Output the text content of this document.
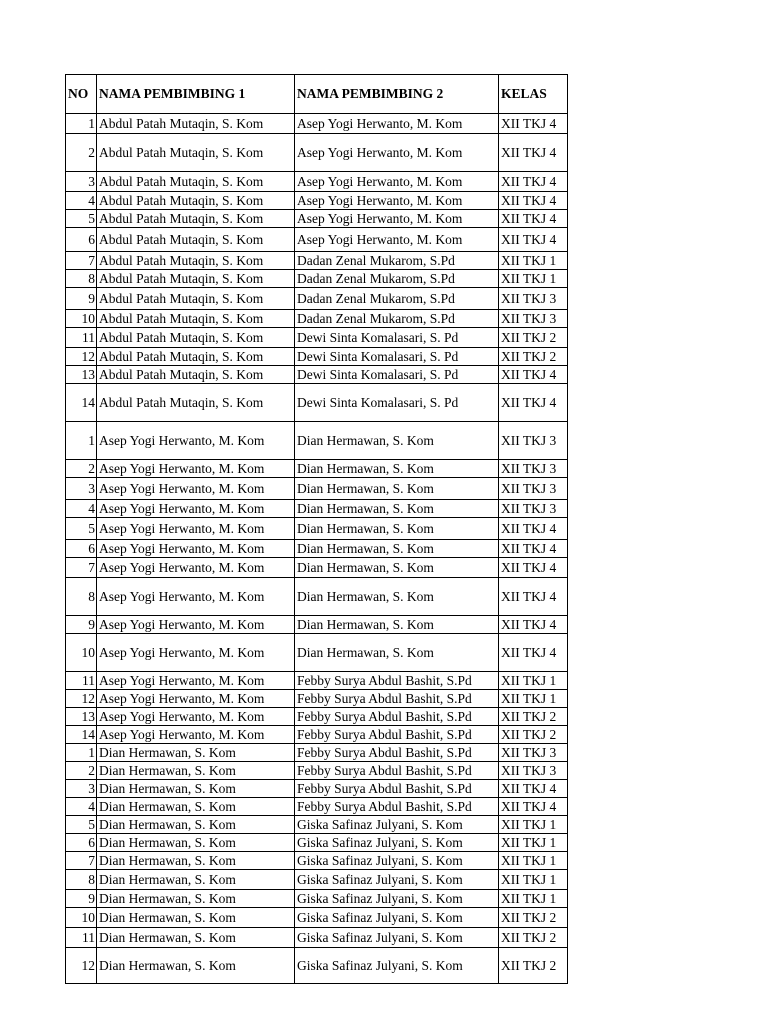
NO	NAMA PEMBIMBING 1	NAMA PEMBIMBING 2	KELAS
1	Abdul Patah Mutaqin, S. Kom	Asep Yogi Herwanto, M. Kom	XII TKJ 4
2	Abdul Patah Mutaqin, S. Kom	Asep Yogi Herwanto, M. Kom	XII TKJ 4
3	Abdul Patah Mutaqin, S. Kom	Asep Yogi Herwanto, M. Kom	XII TKJ 4
4	Abdul Patah Mutaqin, S. Kom	Asep Yogi Herwanto, M. Kom	XII TKJ 4
5	Abdul Patah Mutaqin, S. Kom	Asep Yogi Herwanto, M. Kom	XII TKJ 4
6	Abdul Patah Mutaqin, S. Kom	Asep Yogi Herwanto, M. Kom	XII TKJ 4
7	Abdul Patah Mutaqin, S. Kom	Dadan Zenal Mukarom, S.Pd	XII TKJ 1
8	Abdul Patah Mutaqin, S. Kom	Dadan Zenal Mukarom, S.Pd	XII TKJ 1
9	Abdul Patah Mutaqin, S. Kom	Dadan Zenal Mukarom, S.Pd	XII TKJ 3
10	Abdul Patah Mutaqin, S. Kom	Dadan Zenal Mukarom, S.Pd	XII TKJ 3
11	Abdul Patah Mutaqin, S. Kom	Dewi Sinta Komalasari, S. Pd	XII TKJ 2
12	Abdul Patah Mutaqin, S. Kom	Dewi Sinta Komalasari, S. Pd	XII TKJ 2
13	Abdul Patah Mutaqin, S. Kom	Dewi Sinta Komalasari, S. Pd	XII TKJ 4
14	Abdul Patah Mutaqin, S. Kom	Dewi Sinta Komalasari, S. Pd	XII TKJ 4
1	Asep Yogi Herwanto, M. Kom	Dian Hermawan, S. Kom	XII TKJ 3
2	Asep Yogi Herwanto, M. Kom	Dian Hermawan, S. Kom	XII TKJ 3
3	Asep Yogi Herwanto, M. Kom	Dian Hermawan, S. Kom	XII TKJ 3
4	Asep Yogi Herwanto, M. Kom	Dian Hermawan, S. Kom	XII TKJ 3
5	Asep Yogi Herwanto, M. Kom	Dian Hermawan, S. Kom	XII TKJ 4
6	Asep Yogi Herwanto, M. Kom	Dian Hermawan, S. Kom	XII TKJ 4
7	Asep Yogi Herwanto, M. Kom	Dian Hermawan, S. Kom	XII TKJ 4
8	Asep Yogi Herwanto, M. Kom	Dian Hermawan, S. Kom	XII TKJ 4
9	Asep Yogi Herwanto, M. Kom	Dian Hermawan, S. Kom	XII TKJ 4
10	Asep Yogi Herwanto, M. Kom	Dian Hermawan, S. Kom	XII TKJ 4
11	Asep Yogi Herwanto, M. Kom	Febby Surya Abdul Bashit, S.Pd	XII TKJ 1
12	Asep Yogi Herwanto, M. Kom	Febby Surya Abdul Bashit, S.Pd	XII TKJ 1
13	Asep Yogi Herwanto, M. Kom	Febby Surya Abdul Bashit, S.Pd	XII TKJ 2
14	Asep Yogi Herwanto, M. Kom	Febby Surya Abdul Bashit, S.Pd	XII TKJ 2
1	Dian Hermawan, S. Kom	Febby Surya Abdul Bashit, S.Pd	XII TKJ 3
2	Dian Hermawan, S. Kom	Febby Surya Abdul Bashit, S.Pd	XII TKJ 3
3	Dian Hermawan, S. Kom	Febby Surya Abdul Bashit, S.Pd	XII TKJ 4
4	Dian Hermawan, S. Kom	Febby Surya Abdul Bashit, S.Pd	XII TKJ 4
5	Dian Hermawan, S. Kom	Giska Safinaz Julyani, S. Kom	XII TKJ 1
6	Dian Hermawan, S. Kom	Giska Safinaz Julyani, S. Kom	XII TKJ 1
7	Dian Hermawan, S. Kom	Giska Safinaz Julyani, S. Kom	XII TKJ 1
8	Dian Hermawan, S. Kom	Giska Safinaz Julyani, S. Kom	XII TKJ 1
9	Dian Hermawan, S. Kom	Giska Safinaz Julyani, S. Kom	XII TKJ 1
10	Dian Hermawan, S. Kom	Giska Safinaz Julyani, S. Kom	XII TKJ 2
11	Dian Hermawan, S. Kom	Giska Safinaz Julyani, S. Kom	XII TKJ 2
12	Dian Hermawan, S. Kom	Giska Safinaz Julyani, S. Kom	XII TKJ 2
